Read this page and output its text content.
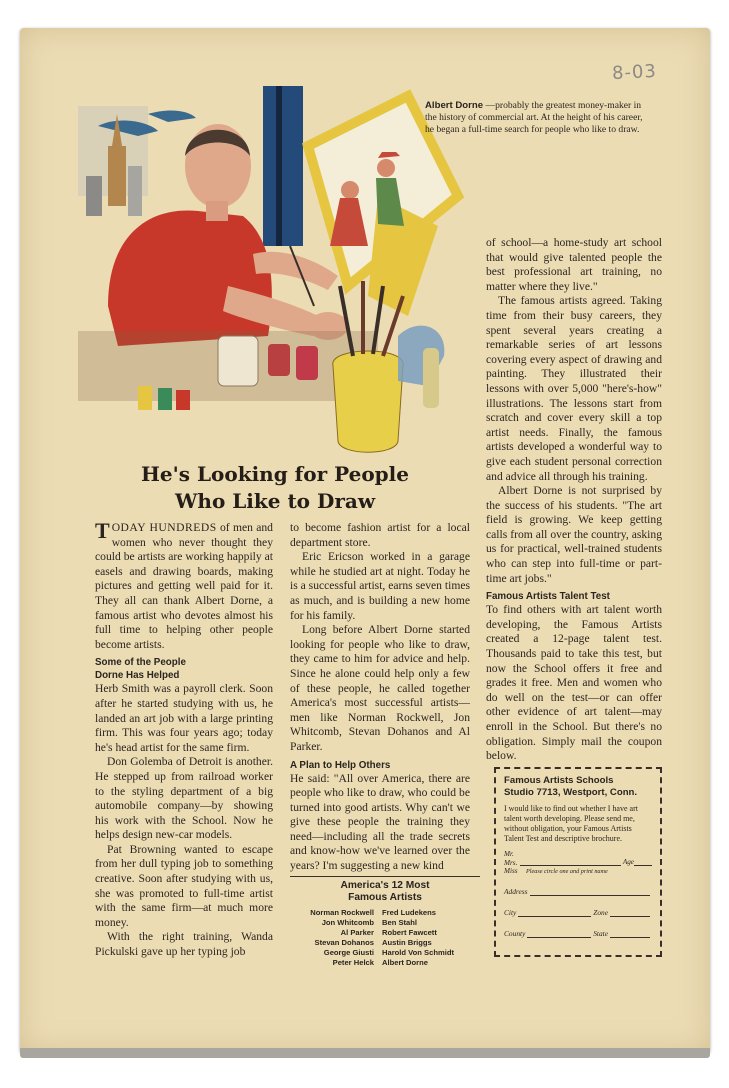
8-03
Albert Dorne —probably the greatest money-maker in the history of commercial art. At the height of his career, he began a full-time search for people who like to draw.
He's Looking for People
Who Like to Draw

TODAY HUNDREDS of men and women who never thought they could be artists are working happily at easels and drawing boards, making pictures and getting well paid for it. They all can thank Albert Dorne, a famous artist who devotes almost his full time to helping other people become artists.

Some of the People
Dorne Has Helped

Herb Smith was a payroll clerk. Soon after he started studying with us, he landed an art job with a large printing firm. This was four years ago; today he's head artist for the same firm.

Don Golemba of Detroit is another. He stepped up from railroad worker to the styling department of a big automobile company—by showing his work with the School. Now he helps design new-car models.

Pat Browning wanted to escape from her dull typing job to something creative. Soon after studying with us, she was promoted to full-time artist with the same firm—at much more money.

With the right training, Wanda Pickulski gave up her typing job

to become fashion artist for a local department store.

Eric Ericson worked in a garage while he studied art at night. Today he is a successful artist, earns seven times as much, and is building a new home for his family.

Long before Albert Dorne started looking for people who like to draw, they came to him for advice and help. Since he alone could help only a few of these people, he called together America's most successful artists—men like Norman Rockwell, Jon Whitcomb, Stevan Dohanos and Al Parker.

A Plan to Help Others

He said: "All over America, there are people who like to draw, who could be turned into good artists. Why can't we give these people the training they need—including all the trade secrets and know-how we've learned over the years? I'm suggesting a new kind

America's 12 Most
Famous Artists
Norman Rockwell Fred Ludekens
Jon Whitcomb Ben Stahl
Al Parker Robert Fawcett
Stevan Dohanos Austin Briggs
George Giusti Harold Von Schmidt
Peter Helck Albert Dorne

of school—a home-study art school that would give talented people the best professional art training, no matter where they live."

The famous artists agreed. Taking time from their busy careers, they spent several years creating a remarkable series of art lessons covering every aspect of drawing and painting. They illustrated their lessons with over 5,000 "here's-how" illustrations. The lessons start from scratch and cover every skill a top artist needs. Finally, the famous artists developed a wonderful way to give each student personal correction and advice all through his training.

Albert Dorne is not surprised by the success of his students. "The art field is growing. We keep getting calls from all over the country, asking us for practical, well-trained students who can step into full-time or part-time art jobs."

Famous Artists Talent Test

To find others with art talent worth developing, the Famous Artists created a 12-page talent test. Thousands paid to take this test, but now the School offers it free and grades it free. Men and women who do well on the test—or can offer other evidence of art talent—may enroll in the School. But there's no obligation. Simply mail the coupon below.

Famous Artists Schools
Studio 7713, Westport, Conn.
I would like to find out whether I have art talent worth developing. Please send me, without obligation, your Famous Artists Talent Test and descriptive brochure.
Mr.
Mrs.
Miss
Age
Please circle one and print name
Address
City	Zone
County	State
